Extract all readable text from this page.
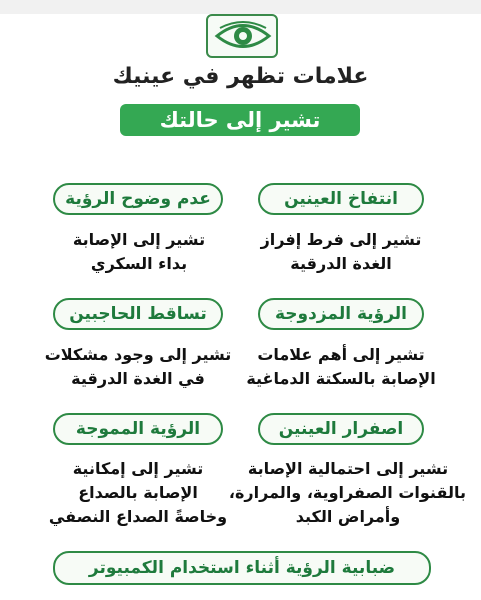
علامات تظهر في عينيك
تشير إلى حالتك الصحية
انتفاخ العينين
تشير إلى فرط إفراز
الغدة الدرقية
عدم وضوح الرؤية
تشير إلى الإصابة
بداء السكري
الرؤية المزدوجة
تشير إلى أهم علامات
الإصابة بالسكتة الدماغية
تساقط الحاجبين
تشير إلى وجود مشكلات
في الغدة الدرقية
اصفرار العينين
تشير إلى احتمالية الإصابة
بالقنوات الصفراوية، والمرارة،
وأمراض الكبد
الرؤية المموجة
تشير إلى إمكانية
الإصابة بالصداع
وخاصةً الصداع النصفي
ضبابية الرؤية أثناء استخدام الكمبيوتر
